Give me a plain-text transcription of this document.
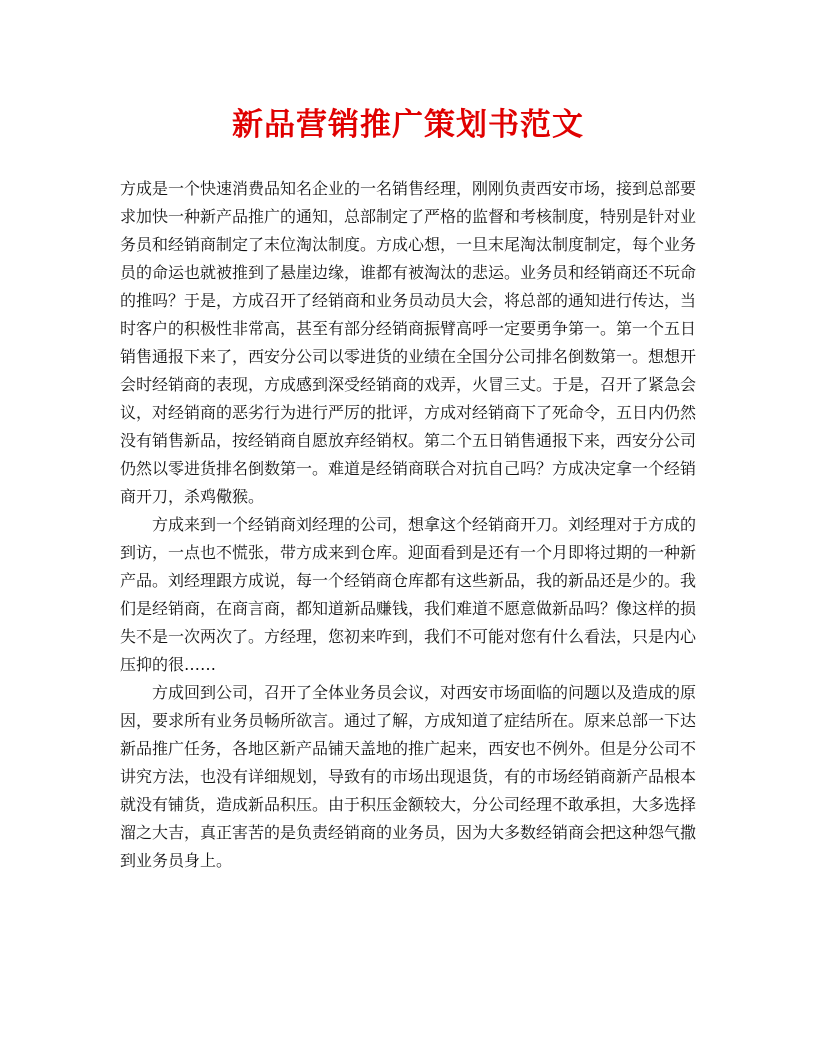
新品营销推广策划书范文

方成是一个快速消费品知名企业的一名销售经理，刚刚负责西安市场，接到总部要求加快一种新产品推广的通知，总部制定了严格的监督和考核制度，特别是针对业务员和经销商制定了末位淘汰制度。方成心想，一旦末尾淘汰制度制定，每个业务员的命运也就被推到了悬崖边缘，谁都有被淘汰的悲运。业务员和经销商还不玩命的推吗？于是，方成召开了经销商和业务员动员大会，将总部的通知进行传达，当时客户的积极性非常高，甚至有部分经销商振臂高呼一定要勇争第一。第一个五日销售通报下来了，西安分公司以零进货的业绩在全国分公司排名倒数第一。想想开会时经销商的表现，方成感到深受经销商的戏弄，火冒三丈。于是，召开了紧急会议，对经销商的恶劣行为进行严厉的批评，方成对经销商下了死命令，五日内仍然没有销售新品，按经销商自愿放弃经销权。第二个五日销售通报下来，西安分公司仍然以零进货排名倒数第一。难道是经销商联合对抗自己吗？方成决定拿一个经销商开刀，杀鸡儆猴。

方成来到一个经销商刘经理的公司，想拿这个经销商开刀。刘经理对于方成的到访，一点也不慌张，带方成来到仓库。迎面看到是还有一个月即将过期的一种新产品。刘经理跟方成说，每一个经销商仓库都有这些新品，我的新品还是少的。我们是经销商，在商言商，都知道新品赚钱，我们难道不愿意做新品吗？像这样的损失不是一次两次了。方经理，您初来咋到，我们不可能对您有什么看法，只是内心压抑的很……

方成回到公司，召开了全体业务员会议，对西安市场面临的问题以及造成的原因，要求所有业务员畅所欲言。通过了解，方成知道了症结所在。原来总部一下达新品推广任务，各地区新产品铺天盖地的推广起来，西安也不例外。但是分公司不讲究方法，也没有详细规划，导致有的市场出现退货，有的市场经销商新产品根本就没有铺货，造成新品积压。由于积压金额较大，分公司经理不敢承担，大多选择溜之大吉，真正害苦的是负责经销商的业务员，因为大多数经销商会把这种怨气撒到业务员身上。
